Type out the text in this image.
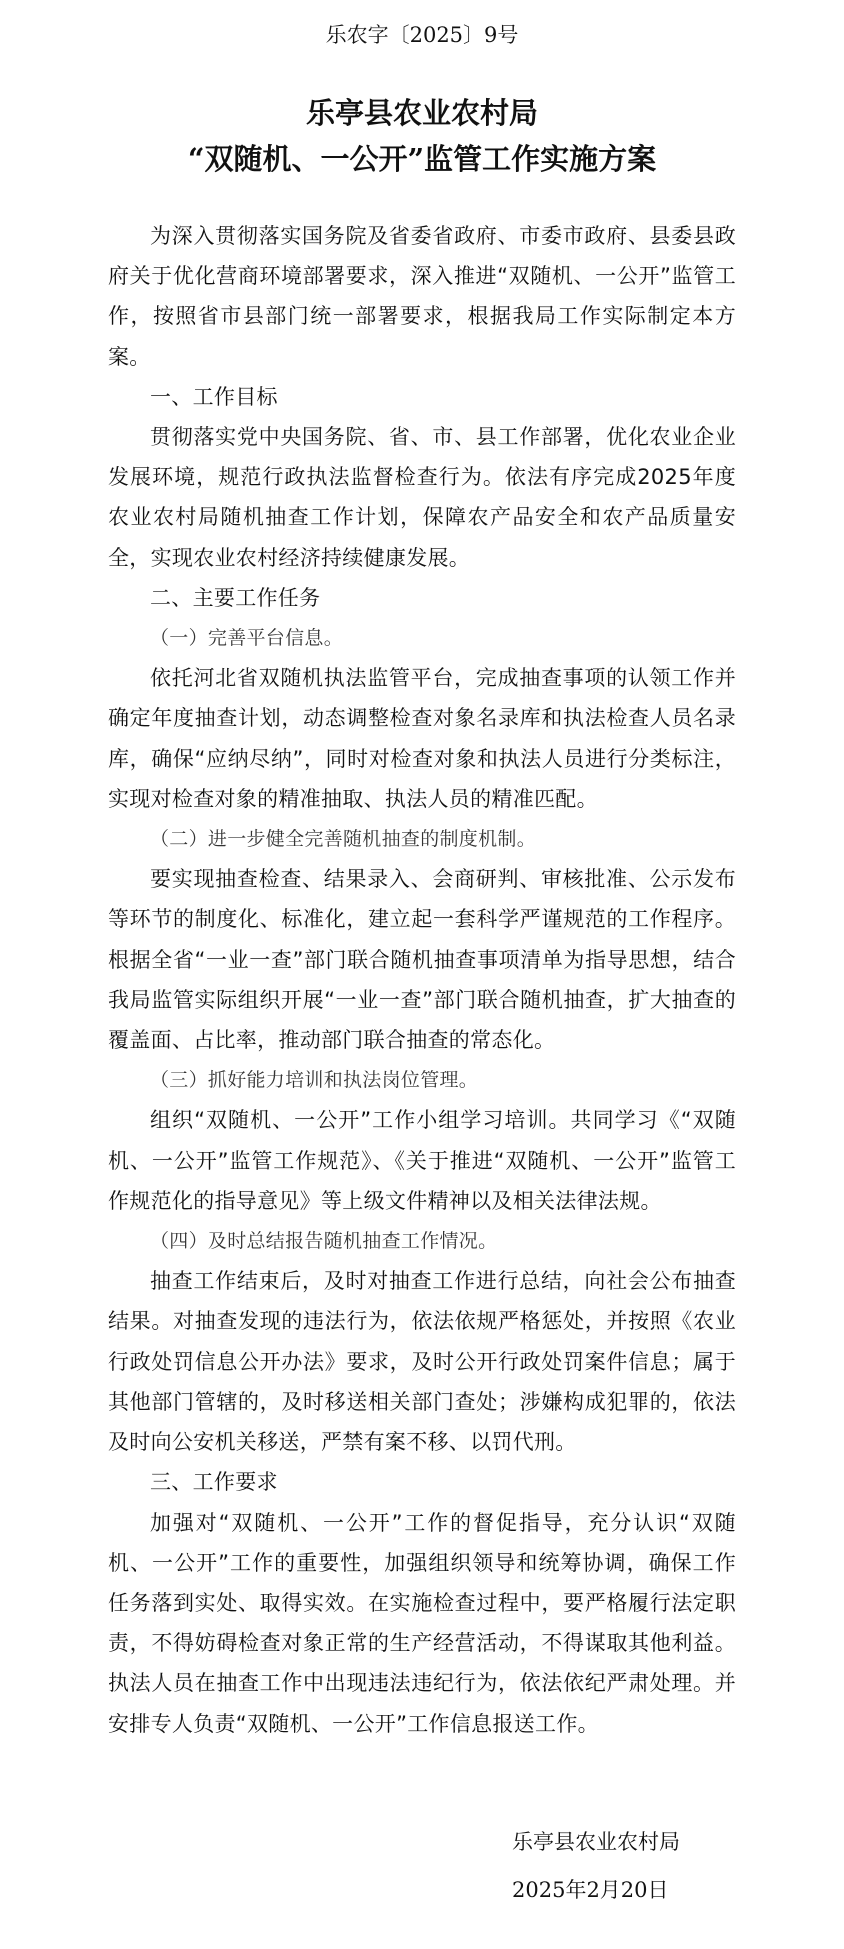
乐农字〔2025〕9号
乐亭县农业农村局
“双随机、一公开”监管工作实施方案

为深入贯彻落实国务院及省委省政府、市委市政府、县委县政府关于优化营商环境部署要求，深入推进“双随机、一公开”监管工作，按照省市县部门统一部署要求，根据我局工作实际制定本方案。

一、工作目标

贯彻落实党中央国务院、省、市、县工作部署，优化农业企业发展环境，规范行政执法监督检查行为。依法有序完成2025年度农业农村局随机抽查工作计划，保障农产品安全和农产品质量安全，实现农业农村经济持续健康发展。

二、主要工作任务

（一）完善平台信息。

依托河北省双随机执法监管平台，完成抽查事项的认领工作并确定年度抽查计划，动态调整检查对象名录库和执法检查人员名录库，确保“应纳尽纳”，同时对检查对象和执法人员进行分类标注，实现对检查对象的精准抽取、执法人员的精准匹配。

（二）进一步健全完善随机抽查的制度机制。

要实现抽查检查、结果录入、会商研判、审核批准、公示发布等环节的制度化、标准化，建立起一套科学严谨规范的工作程序。根据全省“一业一查”部门联合随机抽查事项清单为指导思想，结合我局监管实际组织开展“一业一查”部门联合随机抽查，扩大抽查的覆盖面、占比率，推动部门联合抽查的常态化。

（三）抓好能力培训和执法岗位管理。

组织“双随机、一公开”工作小组学习培训。共同学习《“双随机、一公开”监管工作规范》、《关于推进“双随机、一公开”监管工作规范化的指导意见》等上级文件精神以及相关法律法规。

（四）及时总结报告随机抽查工作情况。

抽查工作结束后，及时对抽查工作进行总结，向社会公布抽查结果。对抽查发现的违法行为，依法依规严格惩处，并按照《农业行政处罚信息公开办法》要求，及时公开行政处罚案件信息；属于其他部门管辖的，及时移送相关部门查处；涉嫌构成犯罪的，依法及时向公安机关移送，严禁有案不移、以罚代刑。

三、工作要求

加强对“双随机、一公开”工作的督促指导，充分认识“双随机、一公开”工作的重要性，加强组织领导和统筹协调，确保工作任务落到实处、取得实效。在实施检查过程中，要严格履行法定职责，不得妨碍检查对象正常的生产经营活动，不得谋取其他利益。执法人员在抽查工作中出现违法违纪行为，依法依纪严肃处理。并安排专人负责“双随机、一公开”工作信息报送工作。

乐亭县农业农村局
2025年2月20日
